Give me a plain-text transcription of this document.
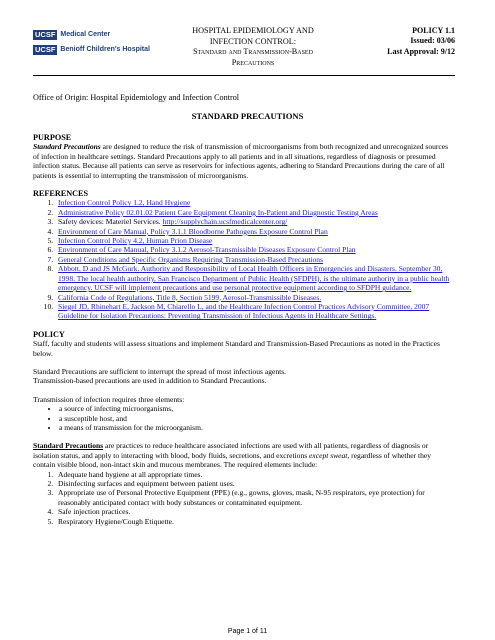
UCSF Medical Center
UCSF Benioff Children's Hospital
HOSPITAL EPIDEMIOLOGY AND
INFECTION CONTROL:
Standard and Transmission-Based
Precautions
POLICY 1.1
Issued: 03/06
Last Approval: 9/12
Office of Origin: Hospital Epidemiology and Infection Control
STANDARD PRECAUTIONS

PURPOSE

Standard Precautions are designed to reduce the risk of transmission of microorganisms from both recognized and unrecognized sources of infection in healthcare settings. Standard Precautions apply to all patients and in all situations, regardless of diagnosis or presumed infection status. Because all patients can serve as reservoirs for infectious agents, adhering to Standard Precautions during the care of all patients is essential to interrupting the transmission of microorganisms.

REFERENCES

1. Infection Control Policy 1.2, Hand Hygiene
2. Administrative Policy 02.01.02 Patient Care Equipment Cleaning In-Patient and Diagnostic Testing Areas
3. Safety devices: Materiel Services. http://supplychain.ucsfmedicalcenter.org/
4. Environment of Care Manual, Policy 3.1.1 Bloodborne Pathogens Exposure Control Plan
5. Infection Control Policy 4.2, Human Prion Disease
6. Environment of Care Manual, Policy 3.1.2 Aerosol-Transmissible Diseases Exposure Control Plan
7. General Conditions and Specific Organisms Requiring Transmission-Based Precautions
8. Abbott, D and JS McGurk. Authority and Responsibility of Local Health Officers in Emergencies and Disasters. September 30, 1998. The local health authority, San Francisco Department of Public Health (SFDPH), is the ultimate authority in a public health emergency. UCSF will implement precautions and use personal protective equipment according to SFDPH guidance.
9. California Code of Regulations, Title 8, Section 5199, Aerosol-Transmissible Diseases.
10. Siegel JD, Rhinehart E, Jackson M, Chiarello L, and the Healthcare Infection Control Practices Advisory Committee, 2007 Guideline for Isolation Precautions: Preventing Transmission of Infectious Agents in Healthcare Settings.

POLICY

Staff, faculty and students will assess situations and implement Standard and Transmission-Based Precautions as noted in the Practices below.

Standard Precautions are sufficient to interrupt the spread of most infectious agents.

Transmission-based precautions are used in addition to Standard Precautions.

Transmission of infection requires three elements:

• a source of infecting microorganisms,
• a susceptible host, and
• a means of transmission for the microorganism.

Standard Precautions are practices to reduce healthcare associated infections are used with all patients, regardless of diagnosis or isolation status, and apply to interacting with blood, body fluids, secretions, and excretions except sweat, regardless of whether they contain visible blood, non-intact skin and mucous membranes. The required elements include:

1. Adequate hand hygiene at all appropriate times.
2. Disinfecting surfaces and equipment between patient uses.
3. Appropriate use of Personal Protective Equipment (PPE) (e.g., gowns, gloves, mask, N-95 respirators, eye protection) for reasonably anticipated contact with body substances or contaminated equipment.
4. Safe injection practices.
5. Respiratory Hygiene/Cough Etiquette.
Page 1 of 11
